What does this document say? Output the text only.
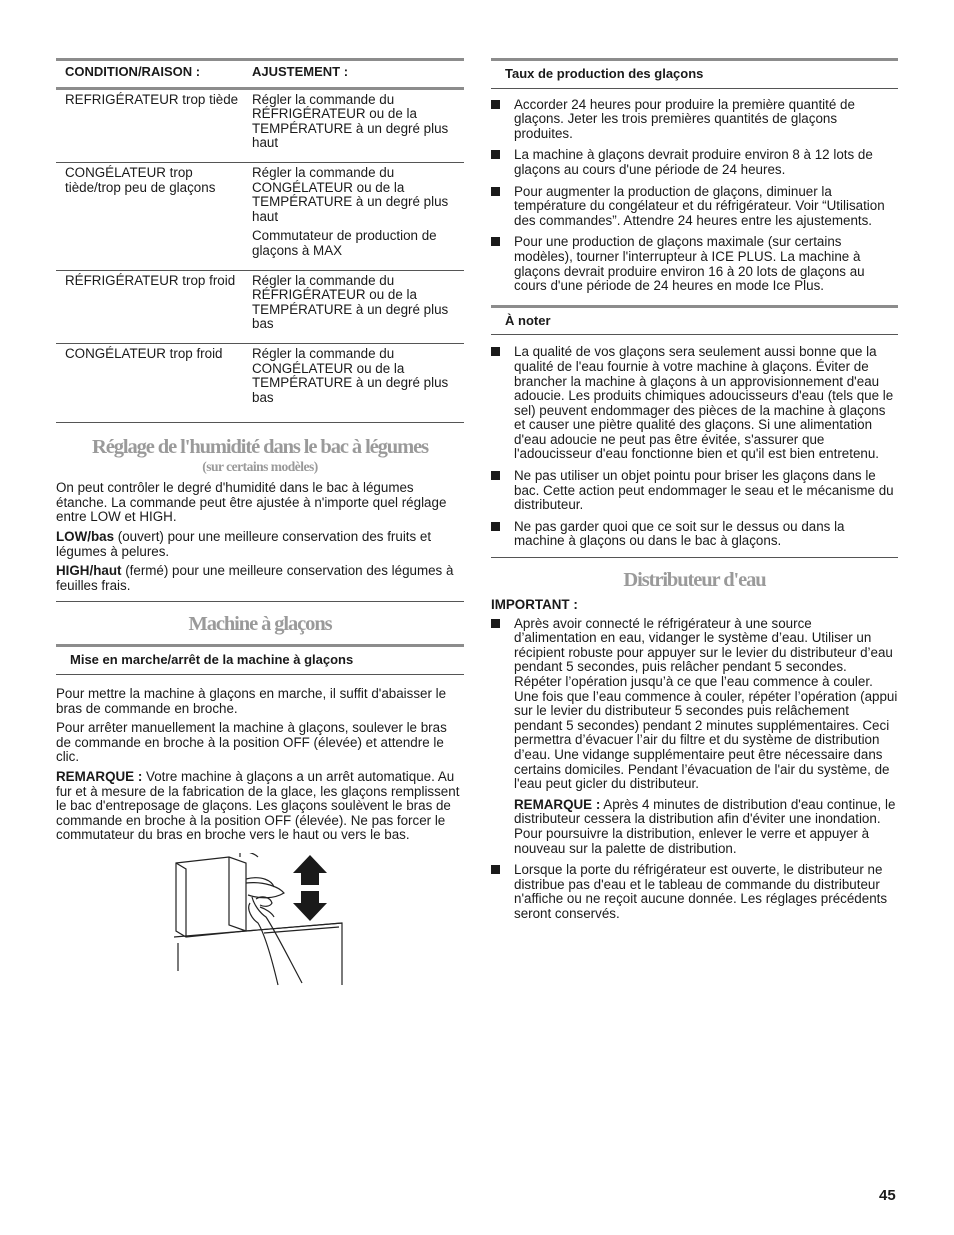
CONDITION/RAISON :	AJUSTEMENT :
REFRIGÉRATEUR trop tiède	Régler la commande du RÉFRIGÉRATEUR ou de la TEMPÉRATURE à un degré plus haut

CONGÉLATEUR trop tiède/trop peu de glaçons	Régler la commande du CONGÉLATEUR ou de la TEMPÉRATURE à un degré plus haut

Commutateur de production de glaçons à MAX

RÉFRIGÉRATEUR trop froid	Régler la commande du RÉFRIGÉRATEUR ou de la TEMPÉRATURE à un degré plus bas

CONGÉLATEUR trop froid	Régler la commande du CONGÉLATEUR ou de la TEMPÉRATURE à un degré plus bas

Réglage de l'humidité dans le bac à légumes
(sur certains modèles)

On peut contrôler le degré d'humidité dans le bac à légumes étanche. La commande peut être ajustée à n'importe quel réglage entre LOW et HIGH.

LOW/bas (ouvert) pour une meilleure conservation des fruits et légumes à pelures.

HIGH/haut (fermé) pour une meilleure conservation des légumes à feuilles frais.

Machine à glaçons
Mise en marche/arrêt de la machine à glaçons

Pour mettre la machine à glaçons en marche, il suffit d'abaisser le bras de commande en broche.

Pour arrêter manuellement la machine à glaçons, soulever le bras de commande en broche à la position OFF (élevée) et attendre le clic.

REMARQUE : Votre machine à glaçons a un arrêt automatique. Au fur et à mesure de la fabrication de la glace, les glaçons remplissent le bac d'entreposage de glaçons. Les glaçons soulèvent le bras de commande en broche à la position OFF (élevée). Ne pas forcer le commutateur du bras en broche vers le haut ou vers le bas.

Taux de production des glaçons
Accorder 24 heures pour produire la première quantité de glaçons. Jeter les trois premières quantités de glaçons produites.
La machine à glaçons devrait produire environ 8 à 12 lots de glaçons au cours d'une période de 24 heures.
Pour augmenter la production de glaçons, diminuer la température du congélateur et du réfrigérateur. Voir “Utilisation des commandes”. Attendre 24 heures entre les ajustements.
Pour une production de glaçons maximale (sur certains modèles), tourner l'interrupteur à ICE PLUS. La machine à glaçons devrait produire environ 16 à 20 lots de glaçons au cours d'une période de 24 heures en mode Ice Plus.
À noter
La qualité de vos glaçons sera seulement aussi bonne que la qualité de l'eau fournie à votre machine à glaçons. Éviter de brancher la machine à glaçons à un approvisionnement d'eau adoucie. Les produits chimiques adoucisseurs d'eau (tels que le sel) peuvent endommager des pièces de la machine à glaçons et causer une piètre qualité des glaçons. Si une alimentation d'eau adoucie ne peut pas être évitée, s'assurer que l'adoucisseur d'eau fonctionne bien et qu'il est bien entretenu.
Ne pas utiliser un objet pointu pour briser les glaçons dans le bac. Cette action peut endommager le seau et le mécanisme du distributeur.
Ne pas garder quoi que ce soit sur le dessus ou dans la machine à glaçons ou dans le bac à glaçons.
Distributeur d'eau

IMPORTANT :

Après avoir connecté le réfrigérateur à une source d’alimentation en eau, vidanger le système d’eau. Utiliser un récipient robuste pour appuyer sur le levier du distributeur d’eau pendant 5 secondes, puis relâcher pendant 5 secondes. Répéter l’opération jusqu’à ce que l’eau commence à couler. Une fois que l’eau commence à couler, répéter l’opération (appui sur le levier du distributeur 5 secondes puis relâchement pendant 5 secondes) pendant 2 minutes supplémentaires. Ceci permettra d’évacuer l’air du filtre et du système de distribution d’eau. Une vidange supplémentaire peut être nécessaire dans certains domiciles. Pendant l’évacuation de l'air du système, de l'eau peut gicler du distributeur.

REMARQUE : Après 4 minutes de distribution d'eau continue, le distributeur cessera la distribution afin d'éviter une inondation. Pour poursuivre la distribution, enlever le verre et appuyer à nouveau sur la palette de distribution.

Lorsque la porte du réfrigérateur est ouverte, le distributeur ne distribue pas d'eau et le tableau de commande du distributeur n'affiche ou ne reçoit aucune donnée. Les réglages précédents seront conservés.
45
